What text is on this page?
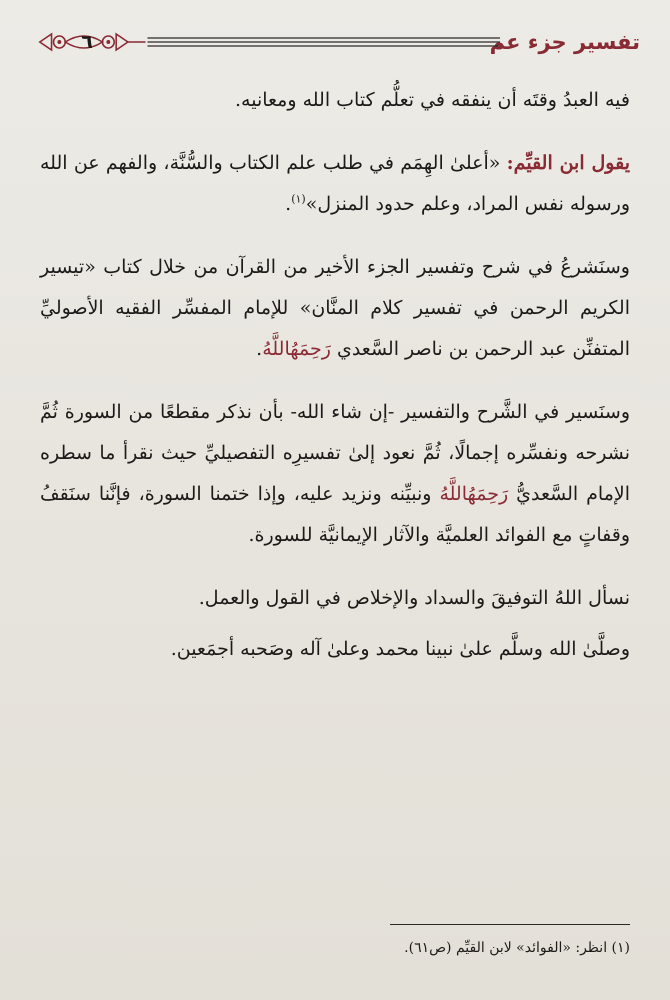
تفسير جزء عم
٦

فيه العبدُ وقتَه أن ينفقه في تعلُّم كتاب الله ومعانيه.

يقول ابن القيِّم: «أعلىٰ الهِمَم في طلب علم الكتاب والسُّنَّة، والفهم عن الله ورسوله نفس المراد، وعلم حدود المنزل»$^{(١)}$.

وسنَشرعُ في شرح وتفسير الجزء الأخير من القرآن من خلال كتاب «تيسير الكريم الرحمن في تفسير كلام المنَّان» للإمام المفسِّر الفقيه الأصوليِّ المتفنِّن عبد الرحمن بن ناصر السَّعدي رَحِمَهُاللَّهُ.

وسنَسير في الشَّرح والتفسير -إن شاء الله- بأن نذكر مقطعًا من السورة ثُمَّ نشرحه ونفسِّره إجمالًا، ثُمَّ نعود إلىٰ تفسيرِه التفصيليِّ حيث نقرأ ما سطره الإمام السَّعديُّ رَحِمَهُاللَّهُ ونبيِّنه ونزيد عليه، وإذا ختمنا السورة، فإنَّنا سنَقفُ وقفاتٍ مع الفوائد العلميَّة والآثار الإيمانيَّة للسورة.

نسأل اللهُ التوفيقَ والسداد والإخلاص في القول والعمل.

وصلَّىٰ الله وسلَّم علىٰ نبينا محمد وعلىٰ آله وصَحبه أجمَعين.

(١) انظر: «الفوائد» لابن القيِّم (ص٦١).
